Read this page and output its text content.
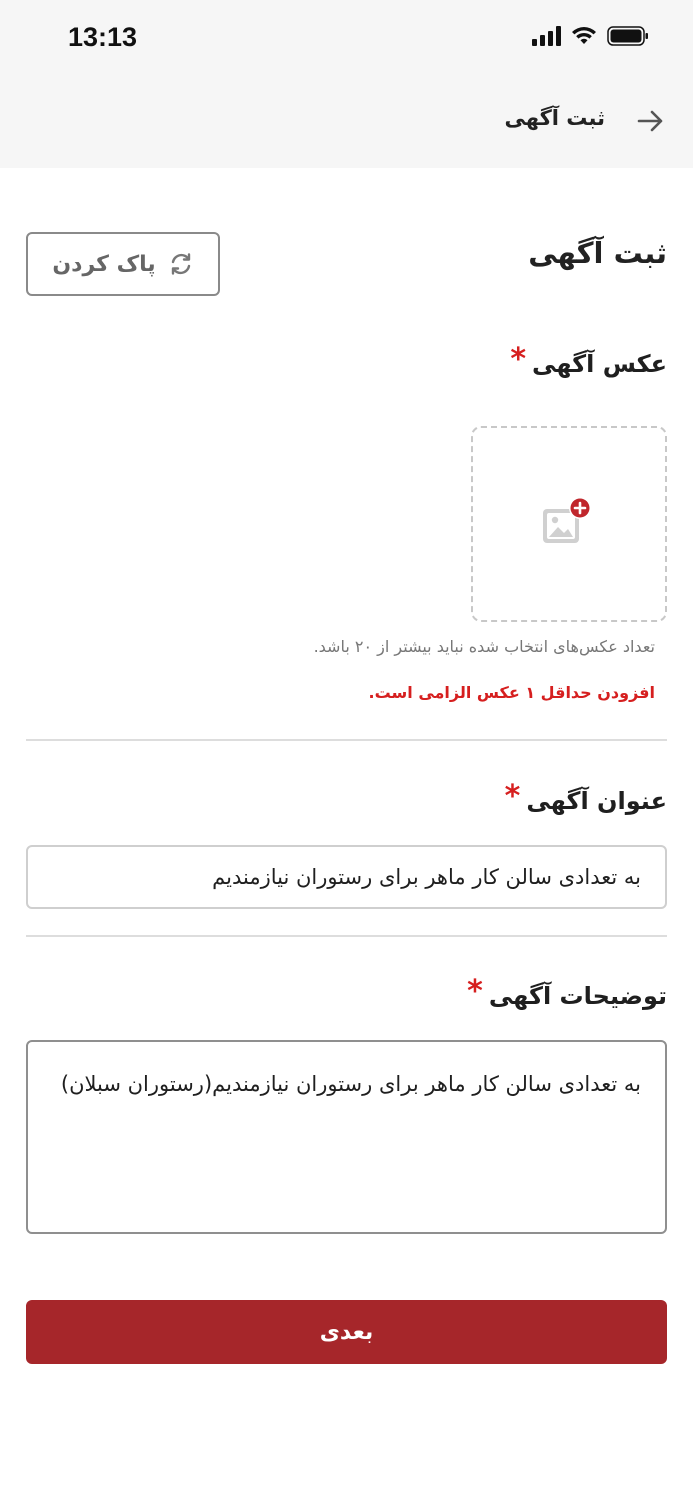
13:13
ثبت آگهی
ثبت آگهی
پاک کردن
عکس آگهی
*
تعداد عکس‌های انتخاب شده نباید بیشتر از ۲۰ باشد.
افزودن حداقل ۱ عکس الزامی است.
عنوان آگهی
*
به تعدادی سالن کار ماهر برای رستوران نیازمندیم
توضیحات آگهی
*
به تعدادی سالن کار ماهر برای رستوران نیازمندیم(رستوران سبلان)
بعدی
